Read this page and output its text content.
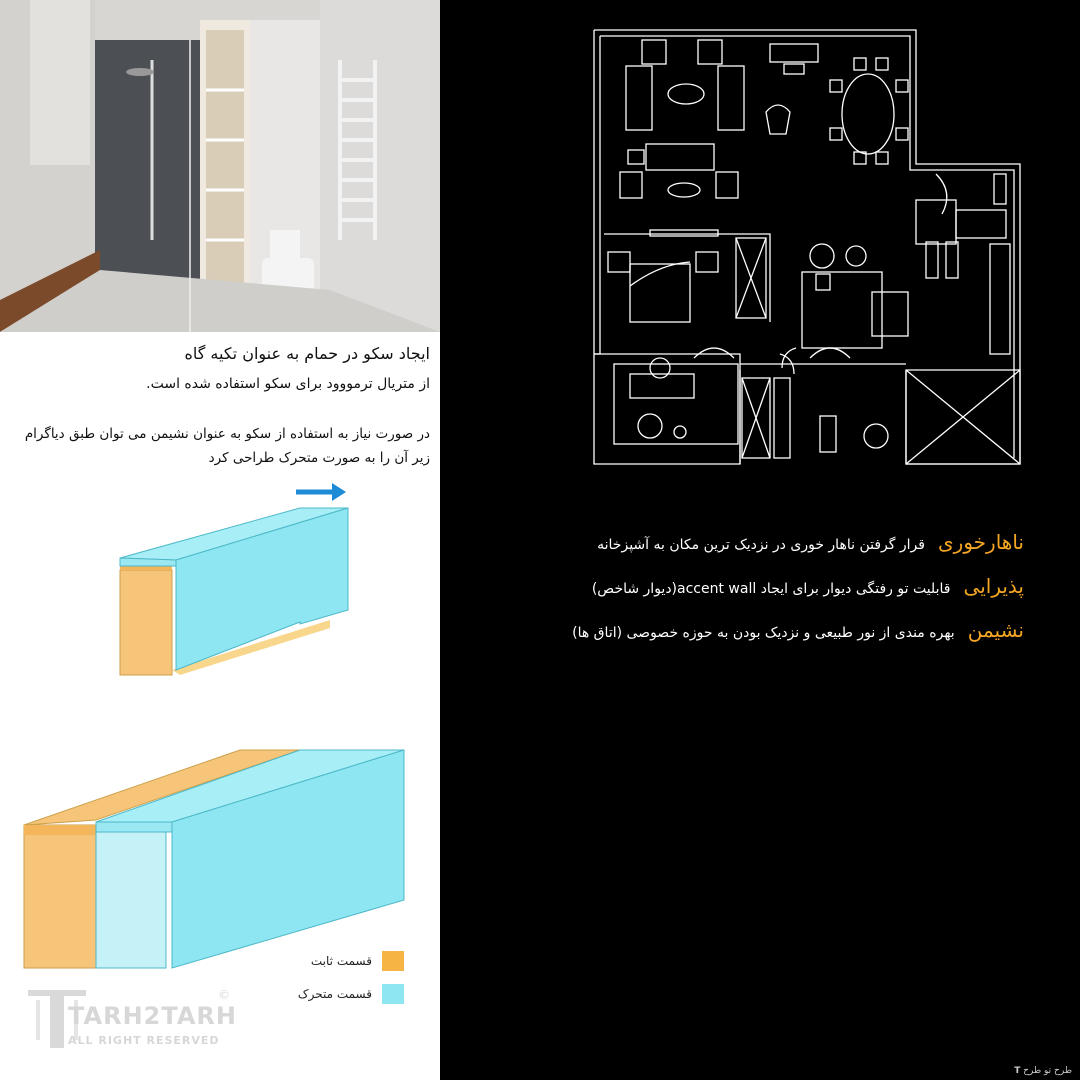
ایجاد سکو در حمام به عنوان تکیه گاه
از متریال ترمووود برای سکو استفاده شده است.
در صورت نیاز به استفاده از سکو به عنوان نشیمن می توان طبق دیاگرام
زیر آن را به صورت متحرک طراحی کرد
قسمت ثابت
قسمت متحرک
TARH2TARH
ALL RIGHT RESERVED
©
ناهارخوری قرار گرفتن ناهار خوری در نزدیک ترین مکان به آشپزخانه
پذیرایی قابلیت تو رفتگی دیوار برای ایجاد accent wall(دیوار شاخص)
نشیمن بهره مندی از نور طبیعی و نزدیک بودن به حوزه خصوصی (اتاق ها)
طرح تو طرح T
